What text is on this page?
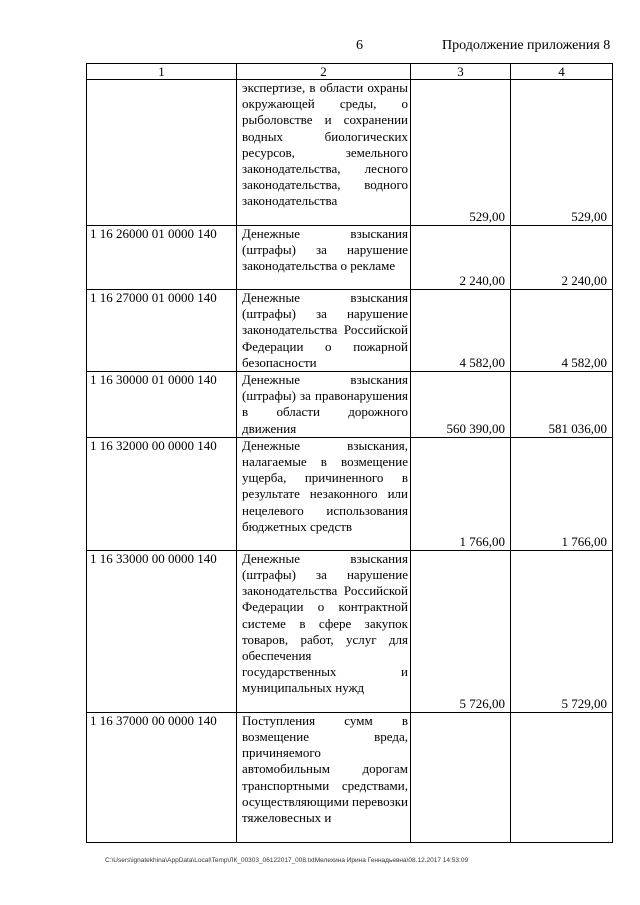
6	Продолжение приложения 8
1	2	3	4
	экспертизе, в области охраны окружающей среды, о рыболовстве и сохранении водных биологических ресурсов, земельного законодательства, лесного законодательства, водного законодательства	529,00	529,00
1 16 26000 01 0000 140	Денежные взыскания (штрафы) за нарушение законодательства о рекламе	2 240,00	2 240,00
1 16 27000 01 0000 140	Денежные взыскания (штрафы) за нарушение законодательства Российской Федерации о пожарной безопасности	4 582,00	4 582,00
1 16 30000 01 0000 140	Денежные взыскания (штрафы) за правонарушения в области дорожного движения	560 390,00	581 036,00
1 16 32000 00 0000 140	Денежные взыскания, налагаемые в возмещение ущерба, причиненного в результате незаконного или нецелевого использования бюджетных средств	1 766,00	1 766,00
1 16 33000 00 0000 140	Денежные взыскания (штрафы) за нарушение законодательства Российской Федерации о контрактной системе в сфере закупок товаров, работ, услуг для обеспечения государственных и муниципальных нужд	5 726,00	5 729,00
1 16 37000 00 0000 140	Поступления сумм в возмещение вреда, причиняемого автомобильным дорогам транспортными средствами, осуществляющими перевозки тяжеловесных и		
C:\Users\ignatekhina\AppData\Local\Temp\ЛК_00303_06122017_008.txtМелехина Ирина Геннадьевна\08.12.2017 14:53:09
